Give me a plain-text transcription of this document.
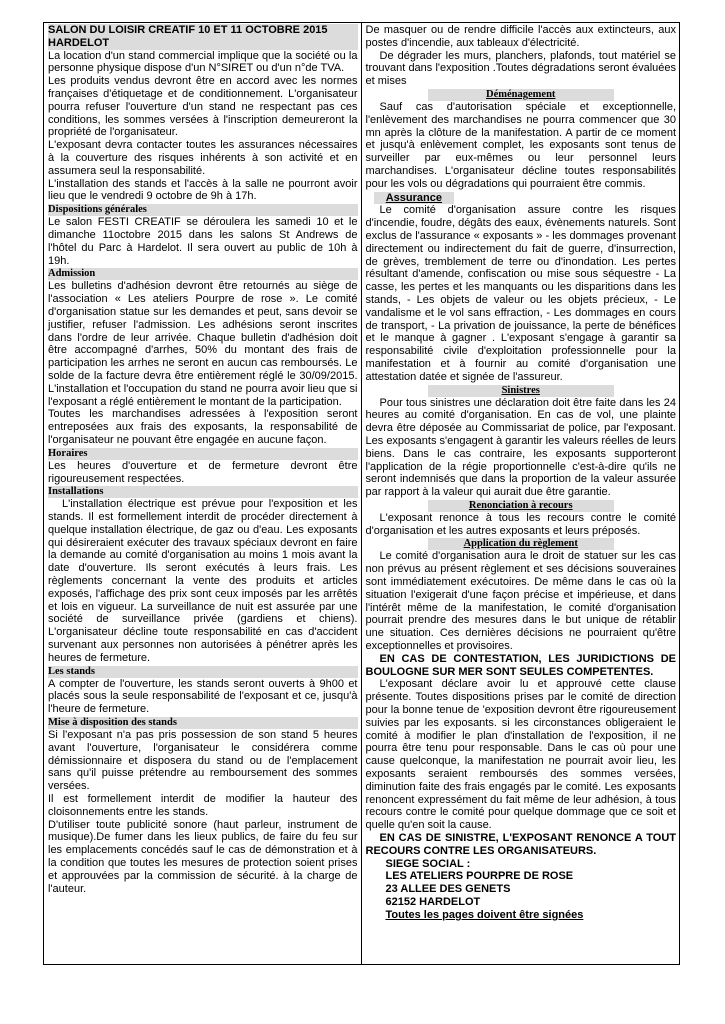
SALON DU LOISIR CREATIF 10 ET 11 OCTOBRE 2015 HARDELOT

La location d'un stand commercial implique que la société ou la personne physique dispose d'un N°SIRET ou d'un n°de TVA.

Les produits vendus devront être en accord avec les normes françaises d'étiquetage et de conditionnement. L'organisateur pourra refuser l'ouverture d'un stand ne respectant pas ces conditions, les sommes versées à l'inscription demeureront la propriété de l'organisateur.

L'exposant devra contacter toutes les assurances nécessaires à la couverture des risques inhérents à son activité et en assumera seul la responsabilité.

L'installation des stands et l'accès à la salle ne pourront avoir lieu que le vendredi 9 octobre de 9h à 17h.

Dispositions générales

Le salon FESTI CREATIF se déroulera les samedi 10 et le dimanche 11octobre 2015 dans les salons St Andrews de l'hôtel du Parc à Hardelot. Il sera ouvert au public de 10h à 19h.

Admission

Les bulletins d'adhésion devront être retournés au siège de l'association « Les ateliers Pourpre de rose ». Le comité d'organisation statue sur les demandes et peut, sans devoir se justifier, refuser l'admission. Les adhésions seront inscrites dans l'ordre de leur arrivée. Chaque bulletin d'adhésion doit être accompagné d'arrhes, 50% du montant des frais de participation les arrhes ne seront en aucun cas remboursés. Le solde de la facture devra être entièrement réglé le 30/09/2015. L'installation et l'occupation du stand ne pourra avoir lieu que si l'exposant a réglé entièrement le montant de la participation.

Toutes les marchandises adressées à l'exposition seront entreposées aux frais des exposants, la responsabilité de l'organisateur ne pouvant être engagée en aucune façon.

Horaires

Les heures d'ouverture et de fermeture devront être rigoureusement respectées.

Installations

L'installation électrique est prévue pour l'exposition et les stands. Il est formellement interdit de procéder directement à quelque installation électrique, de gaz ou d'eau. Les exposants qui désireraient exécuter des travaux spéciaux devront en faire la demande au comité d'organisation au moins 1 mois avant la date d'ouverture. Ils seront exécutés à leurs frais. Les règlements concernant la vente des produits et articles exposés, l'affichage des prix sont ceux imposés par les arrêtés et lois en vigueur. La surveillance de nuit est assurée par une société de surveillance privée (gardiens et chiens). L'organisateur décline toute responsabilité en cas d'accident survenant aux personnes non autorisées à pénétrer après les heures de fermeture.

Les stands

A compter de l'ouverture, les stands seront ouverts à 9h00 et placés sous la seule responsabilité de l'exposant et ce, jusqu'à l'heure de fermeture.

Mise à disposition des stands

Si l'exposant n'a pas pris possession de son stand 5 heures avant l'ouverture, l'organisateur le considérera comme démissionnaire et disposera du stand ou de l'emplacement sans qu'il puisse prétendre au remboursement des sommes versées.

Il est formellement interdit de modifier la hauteur des cloisonnements entre les stands.

D'utiliser toute publicité sonore (haut parleur, instrument de musique).De fumer dans les lieux publics, de faire du feu sur les emplacements concédés sauf le cas de démonstration et à la condition que toutes les mesures de protection soient prises et approuvées par la commission de sécurité. à la charge de l'auteur.

De masquer ou de rendre difficile l'accès aux extincteurs, aux postes d'incendie, aux tableaux d'électricité.

De dégrader les murs, planchers, plafonds, tout matériel se trouvant dans l'exposition .Toutes dégradations seront évaluées et mises

Déménagement

Sauf cas d'autorisation spéciale et exceptionnelle, l'enlèvement des marchandises ne pourra commencer que 30 mn après la clôture de la manifestation. A partir de ce moment et jusqu'à enlèvement complet, les exposants sont tenus de surveiller par eux-mêmes ou leur personnel leurs marchandises. L'organisateur décline toutes responsabilités pour les vols ou dégradations qui pourraient être commis.

Assurance

Le comité d'organisation assure contre les risques d'incendie, foudre, dégâts des eaux, évènements naturels. Sont exclus de l'assurance « exposants » - les dommages provenant directement ou indirectement du fait de guerre, d'insurrection, de grèves, tremblement de terre ou d'inondation. Les pertes résultant d'amende, confiscation ou mise sous séquestre - La casse, les pertes et les manquants ou les disparitions dans les stands, - Les objets de valeur ou les objets précieux, - Le vandalisme et le vol sans effraction, - Les dommages en cours de transport, - La privation de jouissance, la perte de bénéfices et le manque à gagner . L'exposant s'engage à garantir sa responsabilité civile d'exploitation professionnelle pour la manifestation et à fournir au comité d'organisation une attestation datée et signée de l'assureur.

Sinistres

Pour tous sinistres une déclaration doit être faite dans les 24 heures au comité d'organisation. En cas de vol, une plainte devra être déposée au Commissariat de police, par l'exposant. Les exposants s'engagent à garantir les valeurs réelles de leurs biens. Dans le cas contraire, les exposants supporteront l'application de la régie proportionnelle c'est-à-dire qu'ils ne seront indemnisés que dans la proportion de la valeur assurée par rapport à la valeur qui aurait due être garantie.

Renonciation à recours

L'exposant renonce à tous les recours contre le comité d'organisation et les autres exposants et leurs préposés.

Application du règlement

Le comité d'organisation aura le droit de statuer sur les cas non prévus au présent règlement et ses décisions souveraines sont immédiatement exécutoires. De même dans le cas où la situation l'exigerait d'une façon précise et impérieuse, et dans l'intérêt même de la manifestation, le comité d'organisation pourrait prendre des mesures dans le but unique de rétablir une situation. Ces dernières décisions ne pourraient qu'être exceptionnelles et provisoires.

EN CAS DE CONTESTATION, LES JURIDICTIONS DE BOULOGNE SUR MER SONT SEULES COMPETENTES.

L'exposant déclare avoir lu et approuvé cette clause présente. Toutes dispositions prises par le comité de direction pour la bonne tenue de 'exposition devront être rigoureusement suivies par les exposants. si les circonstances obligeraient le comité à modifier le plan d'installation de l'exposition, il ne pourra être tenu pour responsable. Dans le cas où pour une cause quelconque, la manifestation ne pourrait avoir lieu, les exposants seraient remboursés des sommes versées, diminution faite des frais engagés par le comité. Les exposants renoncent expressément du fait même de leur adhésion, à tous recours contre le comité pour quelque dommage que ce soit et quelle qu'en soit la cause.

EN CAS DE SINISTRE, L'EXPOSANT RENONCE A TOUT RECOURS CONTRE LES ORGANISATEURS.

SIEGE SOCIAL :

LES ATELIERS POURPRE DE ROSE

23 ALLEE DES GENETS

62152 HARDELOT

Toutes les pages doivent être signées
